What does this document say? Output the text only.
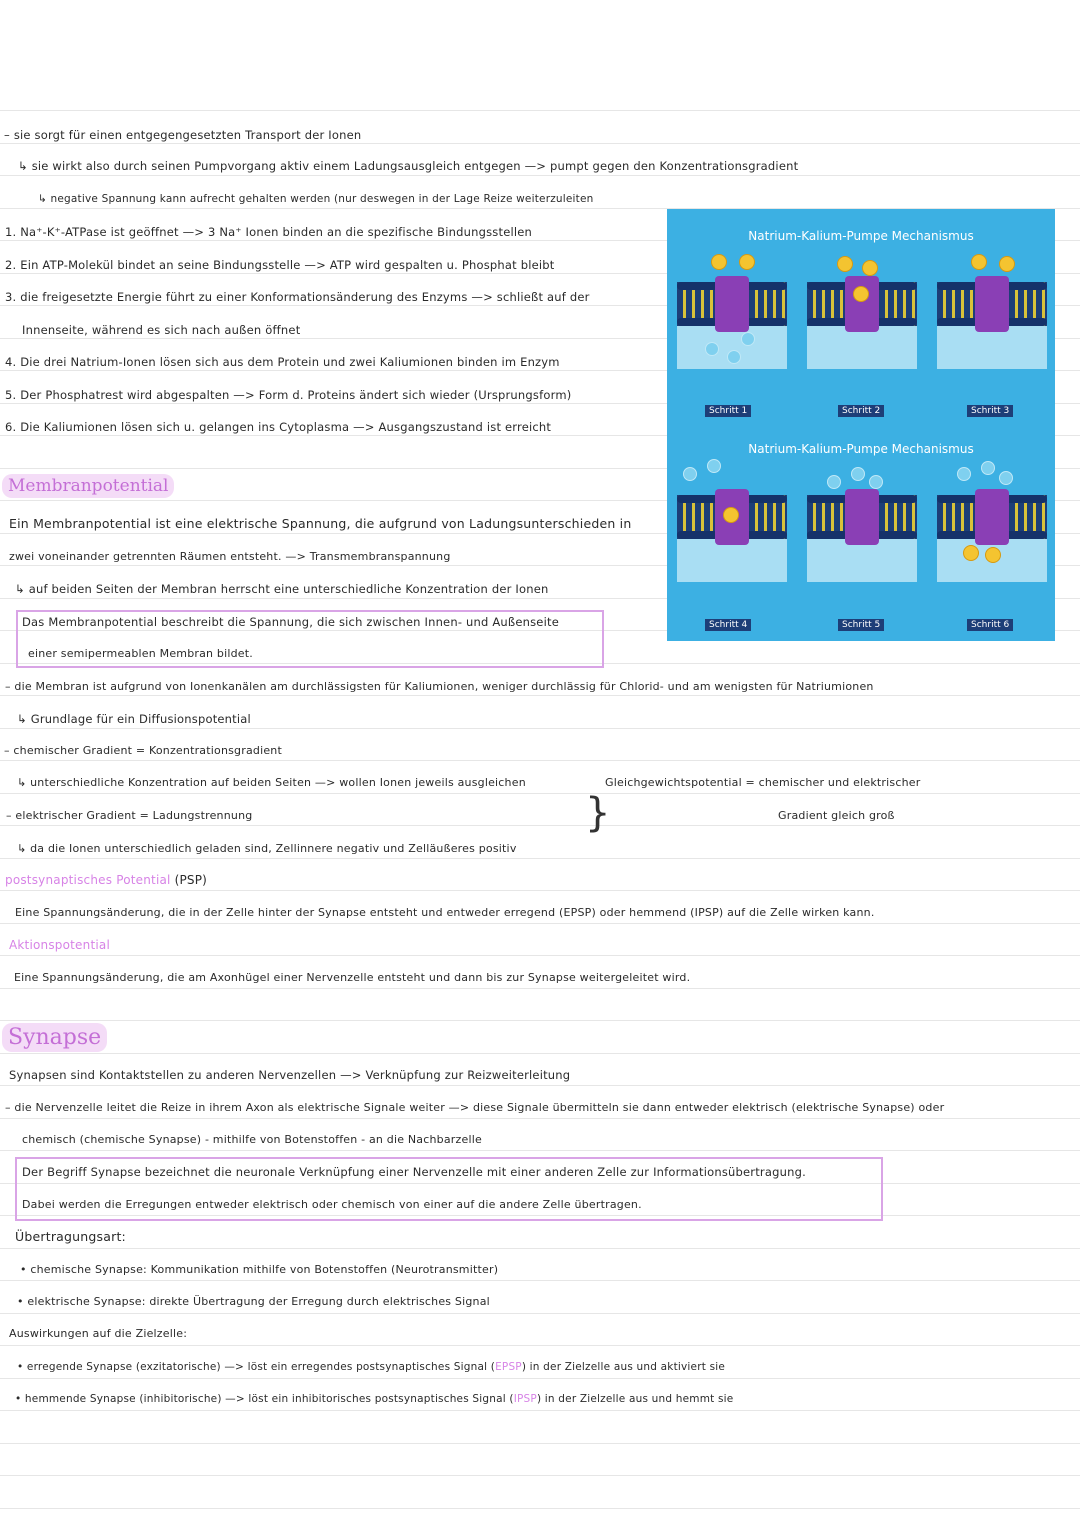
– sie sorgt für einen entgegengesetzten Transport der Ionen
↳ sie wirkt also durch seinen Pumpvorgang aktiv einem Ladungsausgleich entgegen —> pumpt gegen den Konzentrationsgradient
↳ negative Spannung kann aufrecht gehalten werden (nur deswegen in der Lage Reize weiterzuleiten
1. Na⁺-K⁺-ATPase ist geöffnet —> 3 Na⁺ Ionen binden an die spezifische Bindungsstellen
2. Ein ATP-Molekül bindet an seine Bindungsstelle —> ATP wird gespalten u. Phosphat bleibt
3. die freigesetzte Energie führt zu einer Konformationsänderung des Enzyms —> schließt auf der
Innenseite, während es sich nach außen öffnet
4. Die drei Natrium-Ionen lösen sich aus dem Protein und zwei Kaliumionen binden im Enzym
5. Der Phosphatrest wird abgespalten —> Form d. Proteins ändert sich wieder (Ursprungsform)
6. Die Kaliumionen lösen sich u. gelangen ins Cytoplasma —> Ausgangszustand ist erreicht
Natrium-Kalium-Pumpe Mechanismus
Natrium-Kalium-Pumpe Mechanismus
Schritt 1	Schritt 2	Schritt 3
Schritt 4	Schritt 5	Schritt 6
Membranpotential
Ein Membranpotential ist eine elektrische Spannung, die aufgrund von Ladungsunterschieden in
zwei voneinander getrennten Räumen entsteht. —> Transmembranspannung
↳ auf beiden Seiten der Membran herrscht eine unterschiedliche Konzentration der Ionen
Das Membranpotential beschreibt die Spannung, die sich zwischen Innen- und Außenseite
einer semipermeablen Membran bildet.
– die Membran ist aufgrund von Ionenkanälen am durchlässigsten für Kaliumionen, weniger durchlässig für Chlorid- und am wenigsten für Natriumionen
↳ Grundlage für ein Diffusionspotential
– chemischer Gradient = Konzentrationsgradient
↳ unterschiedliche Konzentration auf beiden Seiten —> wollen Ionen jeweils ausgleichen
– elektrischer Gradient = Ladungstrennung
↳ da die Ionen unterschiedlich geladen sind, Zellinnere negativ und Zelläußeres positiv
}
Gleichgewichtspotential = chemischer und elektrischer
Gradient gleich groß
postsynaptisches Potential (PSP)
Eine Spannungsänderung, die in der Zelle hinter der Synapse entsteht und entweder erregend (EPSP) oder hemmend (IPSP) auf die Zelle wirken kann.
Aktionspotential
Eine Spannungsänderung, die am Axonhügel einer Nervenzelle entsteht und dann bis zur Synapse weitergeleitet wird.
Synapse
Synapsen sind Kontaktstellen zu anderen Nervenzellen —> Verknüpfung zur Reizweiterleitung
– die Nervenzelle leitet die Reize in ihrem Axon als elektrische Signale weiter —> diese Signale übermitteln sie dann entweder elektrisch (elektrische Synapse) oder
chemisch (chemische Synapse) - mithilfe von Botenstoffen - an die Nachbarzelle
Der Begriff Synapse bezeichnet die neuronale Verknüpfung einer Nervenzelle mit einer anderen Zelle zur Informationsübertragung.
Dabei werden die Erregungen entweder elektrisch oder chemisch von einer auf die andere Zelle übertragen.
Übertragungsart:
• chemische Synapse: Kommunikation mithilfe von Botenstoffen (Neurotransmitter)
• elektrische Synapse: direkte Übertragung der Erregung durch elektrisches Signal
Auswirkungen auf die Zielzelle:
• erregende Synapse (exzitatorische) —> löst ein erregendes postsynaptisches Signal (EPSP) in der Zielzelle aus und aktiviert sie
• hemmende Synapse (inhibitorische) —> löst ein inhibitorisches postsynaptisches Signal (IPSP) in der Zielzelle aus und hemmt sie
